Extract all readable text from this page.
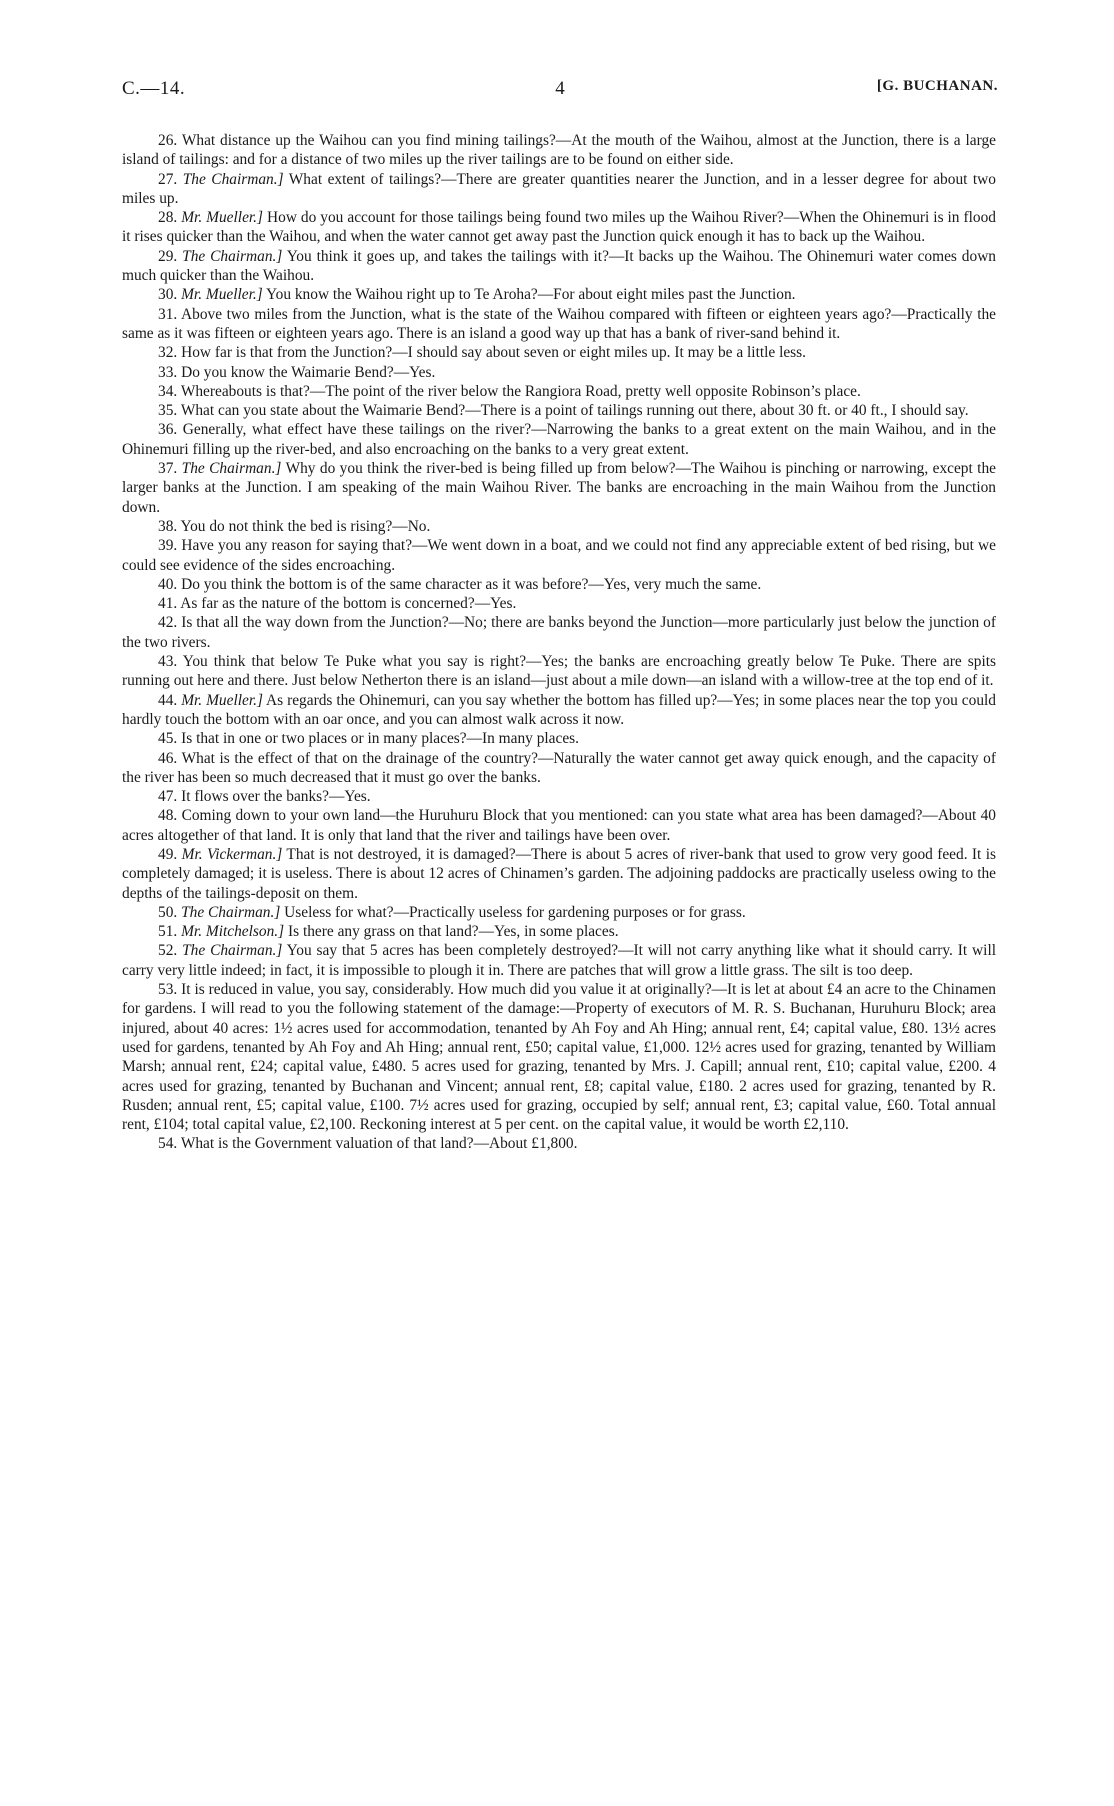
C.—14.	4	[G. BUCHANAN.

26. What distance up the Waihou can you find mining tailings?—At the mouth of the Waihou, almost at the Junction, there is a large island of tailings: and for a distance of two miles up the river tailings are to be found on either side.

27. The Chairman.] What extent of tailings?—There are greater quantities nearer the Junction, and in a lesser degree for about two miles up.

28. Mr. Mueller.] How do you account for those tailings being found two miles up the Waihou River?—When the Ohinemuri is in flood it rises quicker than the Waihou, and when the water cannot get away past the Junction quick enough it has to back up the Waihou.

29. The Chairman.] You think it goes up, and takes the tailings with it?—It backs up the Waihou. The Ohinemuri water comes down much quicker than the Waihou.

30. Mr. Mueller.] You know the Waihou right up to Te Aroha?—For about eight miles past the Junction.

31. Above two miles from the Junction, what is the state of the Waihou compared with fifteen or eighteen years ago?—Practically the same as it was fifteen or eighteen years ago. There is an island a good way up that has a bank of river-sand behind it.

32. How far is that from the Junction?—I should say about seven or eight miles up. It may be a little less.

33. Do you know the Waimarie Bend?—Yes.

34. Whereabouts is that?—The point of the river below the Rangiora Road, pretty well opposite Robinson’s place.

35. What can you state about the Waimarie Bend?—There is a point of tailings running out there, about 30 ft. or 40 ft., I should say.

36. Generally, what effect have these tailings on the river?—Narrowing the banks to a great extent on the main Waihou, and in the Ohinemuri filling up the river-bed, and also encroaching on the banks to a very great extent.

37. The Chairman.] Why do you think the river-bed is being filled up from below?—The Waihou is pinching or narrowing, except the larger banks at the Junction. I am speaking of the main Waihou River. The banks are encroaching in the main Waihou from the Junction down.

38. You do not think the bed is rising?—No.

39. Have you any reason for saying that?—We went down in a boat, and we could not find any appreciable extent of bed rising, but we could see evidence of the sides encroaching.

40. Do you think the bottom is of the same character as it was before?—Yes, very much the same.

41. As far as the nature of the bottom is concerned?—Yes.

42. Is that all the way down from the Junction?—No; there are banks beyond the Junction—more particularly just below the junction of the two rivers.

43. You think that below Te Puke what you say is right?—Yes; the banks are encroaching greatly below Te Puke. There are spits running out here and there. Just below Netherton there is an island—just about a mile down—an island with a willow-tree at the top end of it.

44. Mr. Mueller.] As regards the Ohinemuri, can you say whether the bottom has filled up?—Yes; in some places near the top you could hardly touch the bottom with an oar once, and you can almost walk across it now.

45. Is that in one or two places or in many places?—In many places.

46. What is the effect of that on the drainage of the country?—Naturally the water cannot get away quick enough, and the capacity of the river has been so much decreased that it must go over the banks.

47. It flows over the banks?—Yes.

48. Coming down to your own land—the Huruhuru Block that you mentioned: can you state what area has been damaged?—About 40 acres altogether of that land. It is only that land that the river and tailings have been over.

49. Mr. Vickerman.] That is not destroyed, it is damaged?—There is about 5 acres of river-bank that used to grow very good feed. It is completely damaged; it is useless. There is about 12 acres of Chinamen’s garden. The adjoining paddocks are practically useless owing to the depths of the tailings-deposit on them.

50. The Chairman.] Useless for what?—Practically useless for gardening purposes or for grass.

51. Mr. Mitchelson.] Is there any grass on that land?—Yes, in some places.

52. The Chairman.] You say that 5 acres has been completely destroyed?—It will not carry anything like what it should carry. It will carry very little indeed; in fact, it is impossible to plough it in. There are patches that will grow a little grass. The silt is too deep.

53. It is reduced in value, you say, considerably. How much did you value it at originally?—It is let at about £4 an acre to the Chinamen for gardens. I will read to you the following statement of the damage:—Property of executors of M. R. S. Buchanan, Huruhuru Block; area injured, about 40 acres: 1½ acres used for accommodation, tenanted by Ah Foy and Ah Hing; annual rent, £4; capital value, £80. 13½ acres used for gardens, tenanted by Ah Foy and Ah Hing; annual rent, £50; capital value, £1,000. 12½ acres used for grazing, tenanted by William Marsh; annual rent, £24; capital value, £480. 5 acres used for grazing, tenanted by Mrs. J. Capill; annual rent, £10; capital value, £200. 4 acres used for grazing, tenanted by Buchanan and Vincent; annual rent, £8; capital value, £180. 2 acres used for grazing, tenanted by R. Rusden; annual rent, £5; capital value, £100. 7½ acres used for grazing, occupied by self; annual rent, £3; capital value, £60. Total annual rent, £104; total capital value, £2,100. Reckoning interest at 5 per cent. on the capital value, it would be worth £2,110.

54. What is the Government valuation of that land?—About £1,800.
